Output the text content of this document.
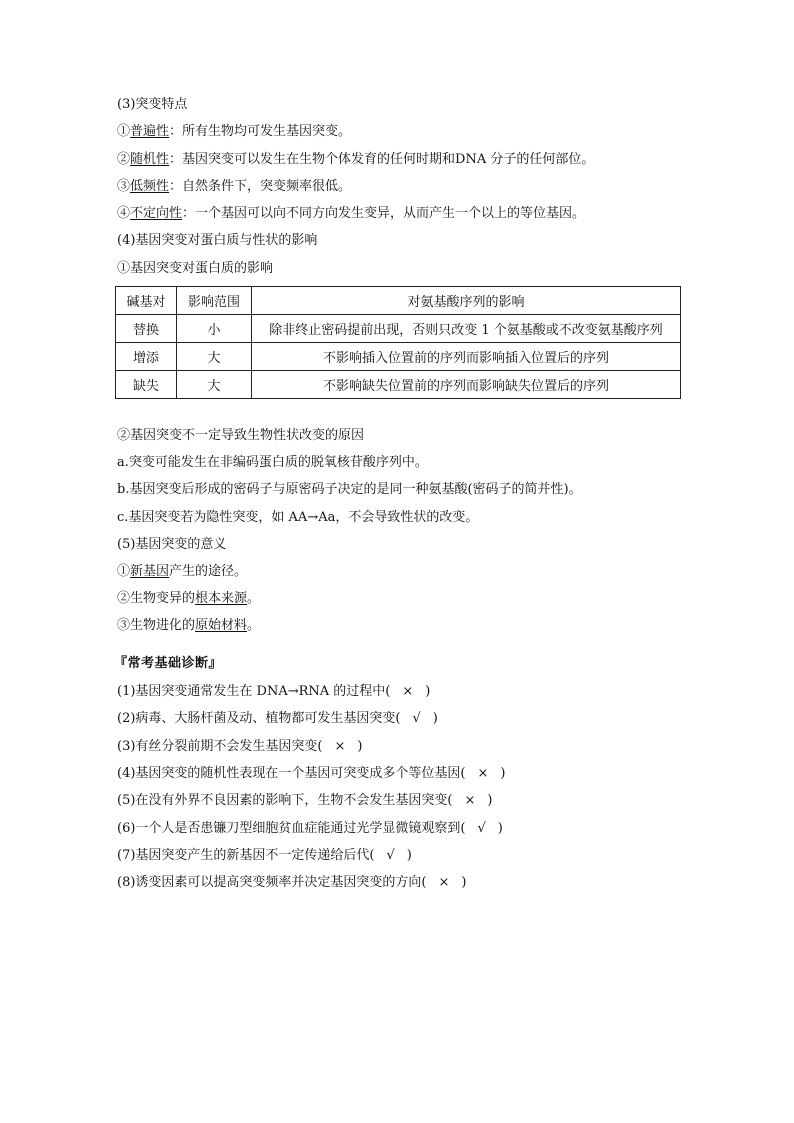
(3)突变特点
①普遍性：所有生物均可发生基因突变。
②随机性：基因突变可以发生在生物个体发育的任何时期和DNA 分子的任何部位。
③低频性：自然条件下，突变频率很低。
④不定向性：一个基因可以向不同方向发生变异，从而产生一个以上的等位基因。
(4)基因突变对蛋白质与性状的影响
①基因突变对蛋白质的影响
碱基对	影响范围	对氨基酸序列的影响
替换	小	除非终止密码提前出现，否则只改变 1 个氨基酸或不改变氨基酸序列
增添	大	不影响插入位置前的序列而影响插入位置后的序列
缺失	大	不影响缺失位置前的序列而影响缺失位置后的序列
②基因突变不一定导致生物性状改变的原因
a.突变可能发生在非编码蛋白质的脱氧核苷酸序列中。
b.基因突变后形成的密码子与原密码子决定的是同一种氨基酸(密码子的简并性)。
c.基因突变若为隐性突变，如 AA→Aa，不会导致性状的改变。
(5)基因突变的意义
①新基因产生的途径。
②生物变异的根本来源。
③生物进化的原始材料。
『常考基础诊断』
(1)基因突变通常发生在 DNA→RNA 的过程中( × )
(2)病毒、大肠杆菌及动、植物都可发生基因突变( √ )
(3)有丝分裂前期不会发生基因突变( × )
(4)基因突变的随机性表现在一个基因可突变成多个等位基因( × )
(5)在没有外界不良因素的影响下，生物不会发生基因突变( × )
(6)一个人是否患镰刀型细胞贫血症能通过光学显微镜观察到( √ )
(7)基因突变产生的新基因不一定传递给后代( √ )
(8)诱变因素可以提高突变频率并决定基因突变的方向( × )
